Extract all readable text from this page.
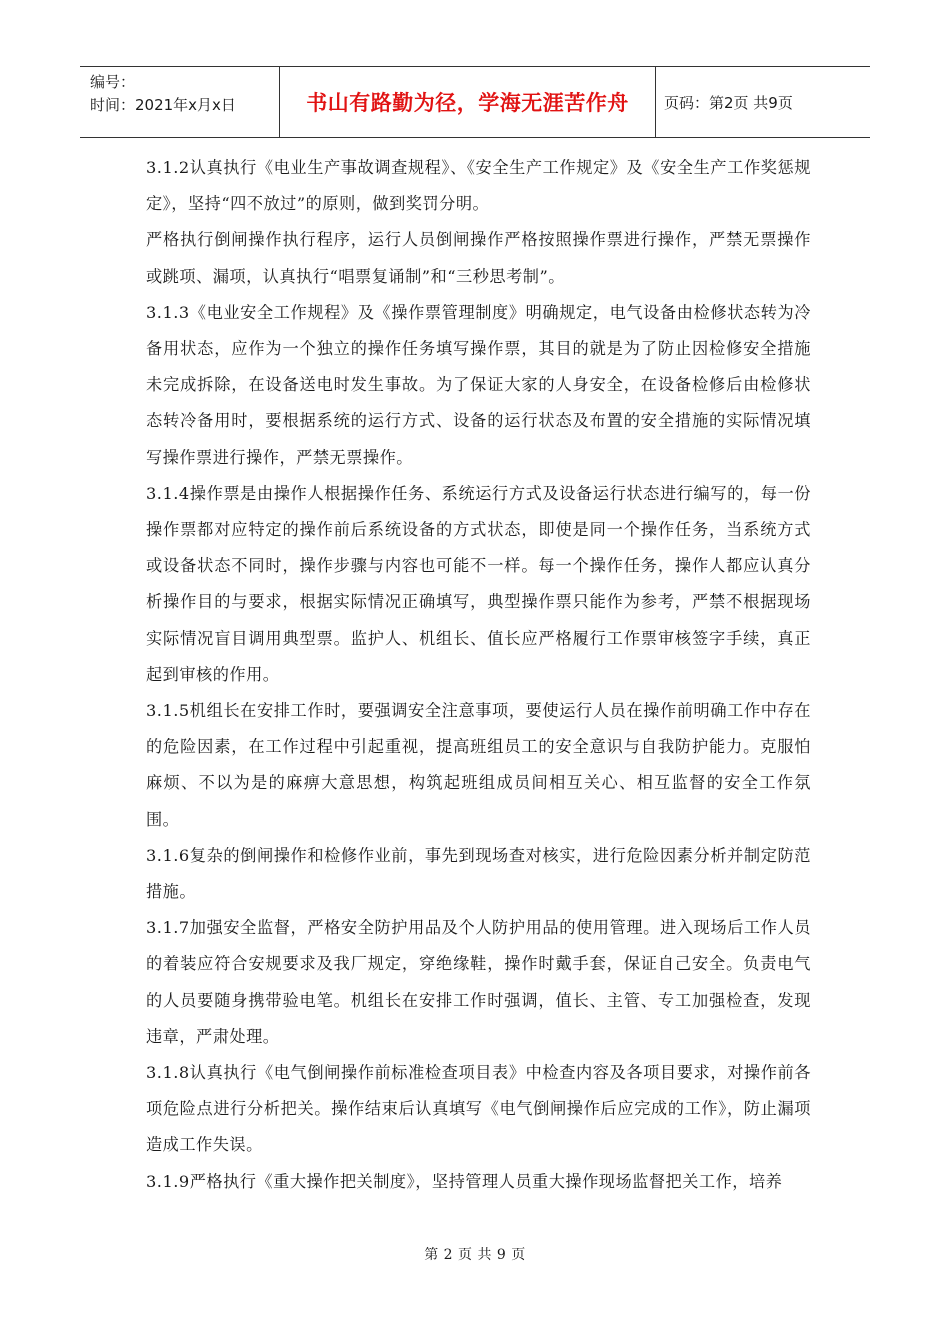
编号：
时间：2021年x月x日	书山有路勤为径，学海无涯苦作舟	页码：第2页 共9页

3.1.2认真执行《电业生产事故调查规程》、《安全生产工作规定》及《安全生产工作奖惩规定》，坚持“四不放过”的原则，做到奖罚分明。

严格执行倒闸操作执行程序，运行人员倒闸操作严格按照操作票进行操作，严禁无票操作或跳项、漏项，认真执行“唱票复诵制”和“三秒思考制”。

3.1.3《电业安全工作规程》及《操作票管理制度》明确规定，电气设备由检修状态转为冷备用状态，应作为一个独立的操作任务填写操作票，其目的就是为了防止因检修安全措施未完成拆除，在设备送电时发生事故。为了保证大家的人身安全，在设备检修后由检修状态转冷备用时，要根据系统的运行方式、设备的运行状态及布置的安全措施的实际情况填写操作票进行操作，严禁无票操作。

3.1.4操作票是由操作人根据操作任务、系统运行方式及设备运行状态进行编写的，每一份操作票都对应特定的操作前后系统设备的方式状态，即使是同一个操作任务，当系统方式或设备状态不同时，操作步骤与内容也可能不一样。每一个操作任务，操作人都应认真分析操作目的与要求，根据实际情况正确填写，典型操作票只能作为参考，严禁不根据现场实际情况盲目调用典型票。监护人、机组长、值长应严格履行工作票审核签字手续，真正起到审核的作用。

3.1.5机组长在安排工作时，要强调安全注意事项，要使运行人员在操作前明确工作中存在的危险因素，在工作过程中引起重视，提高班组员工的安全意识与自我防护能力。克服怕麻烦、不以为是的麻痹大意思想，构筑起班组成员间相互关心、相互监督的安全工作氛围。

3.1.6复杂的倒闸操作和检修作业前，事先到现场查对核实，进行危险因素分析并制定防范措施。

3.1.7加强安全监督，严格安全防护用品及个人防护用品的使用管理。进入现场后工作人员的着装应符合安规要求及我厂规定，穿绝缘鞋，操作时戴手套，保证自己安全。负责电气的人员要随身携带验电笔。机组长在安排工作时强调，值长、主管、专工加强检查，发现违章，严肃处理。

3.1.8认真执行《电气倒闸操作前标准检查项目表》中检查内容及各项目要求，对操作前各项危险点进行分析把关。操作结束后认真填写《电气倒闸操作后应完成的工作》，防止漏项造成工作失误。

3.1.9严格执行《重大操作把关制度》，坚持管理人员重大操作现场监督把关工作，培养

第 2 页 共 9 页
